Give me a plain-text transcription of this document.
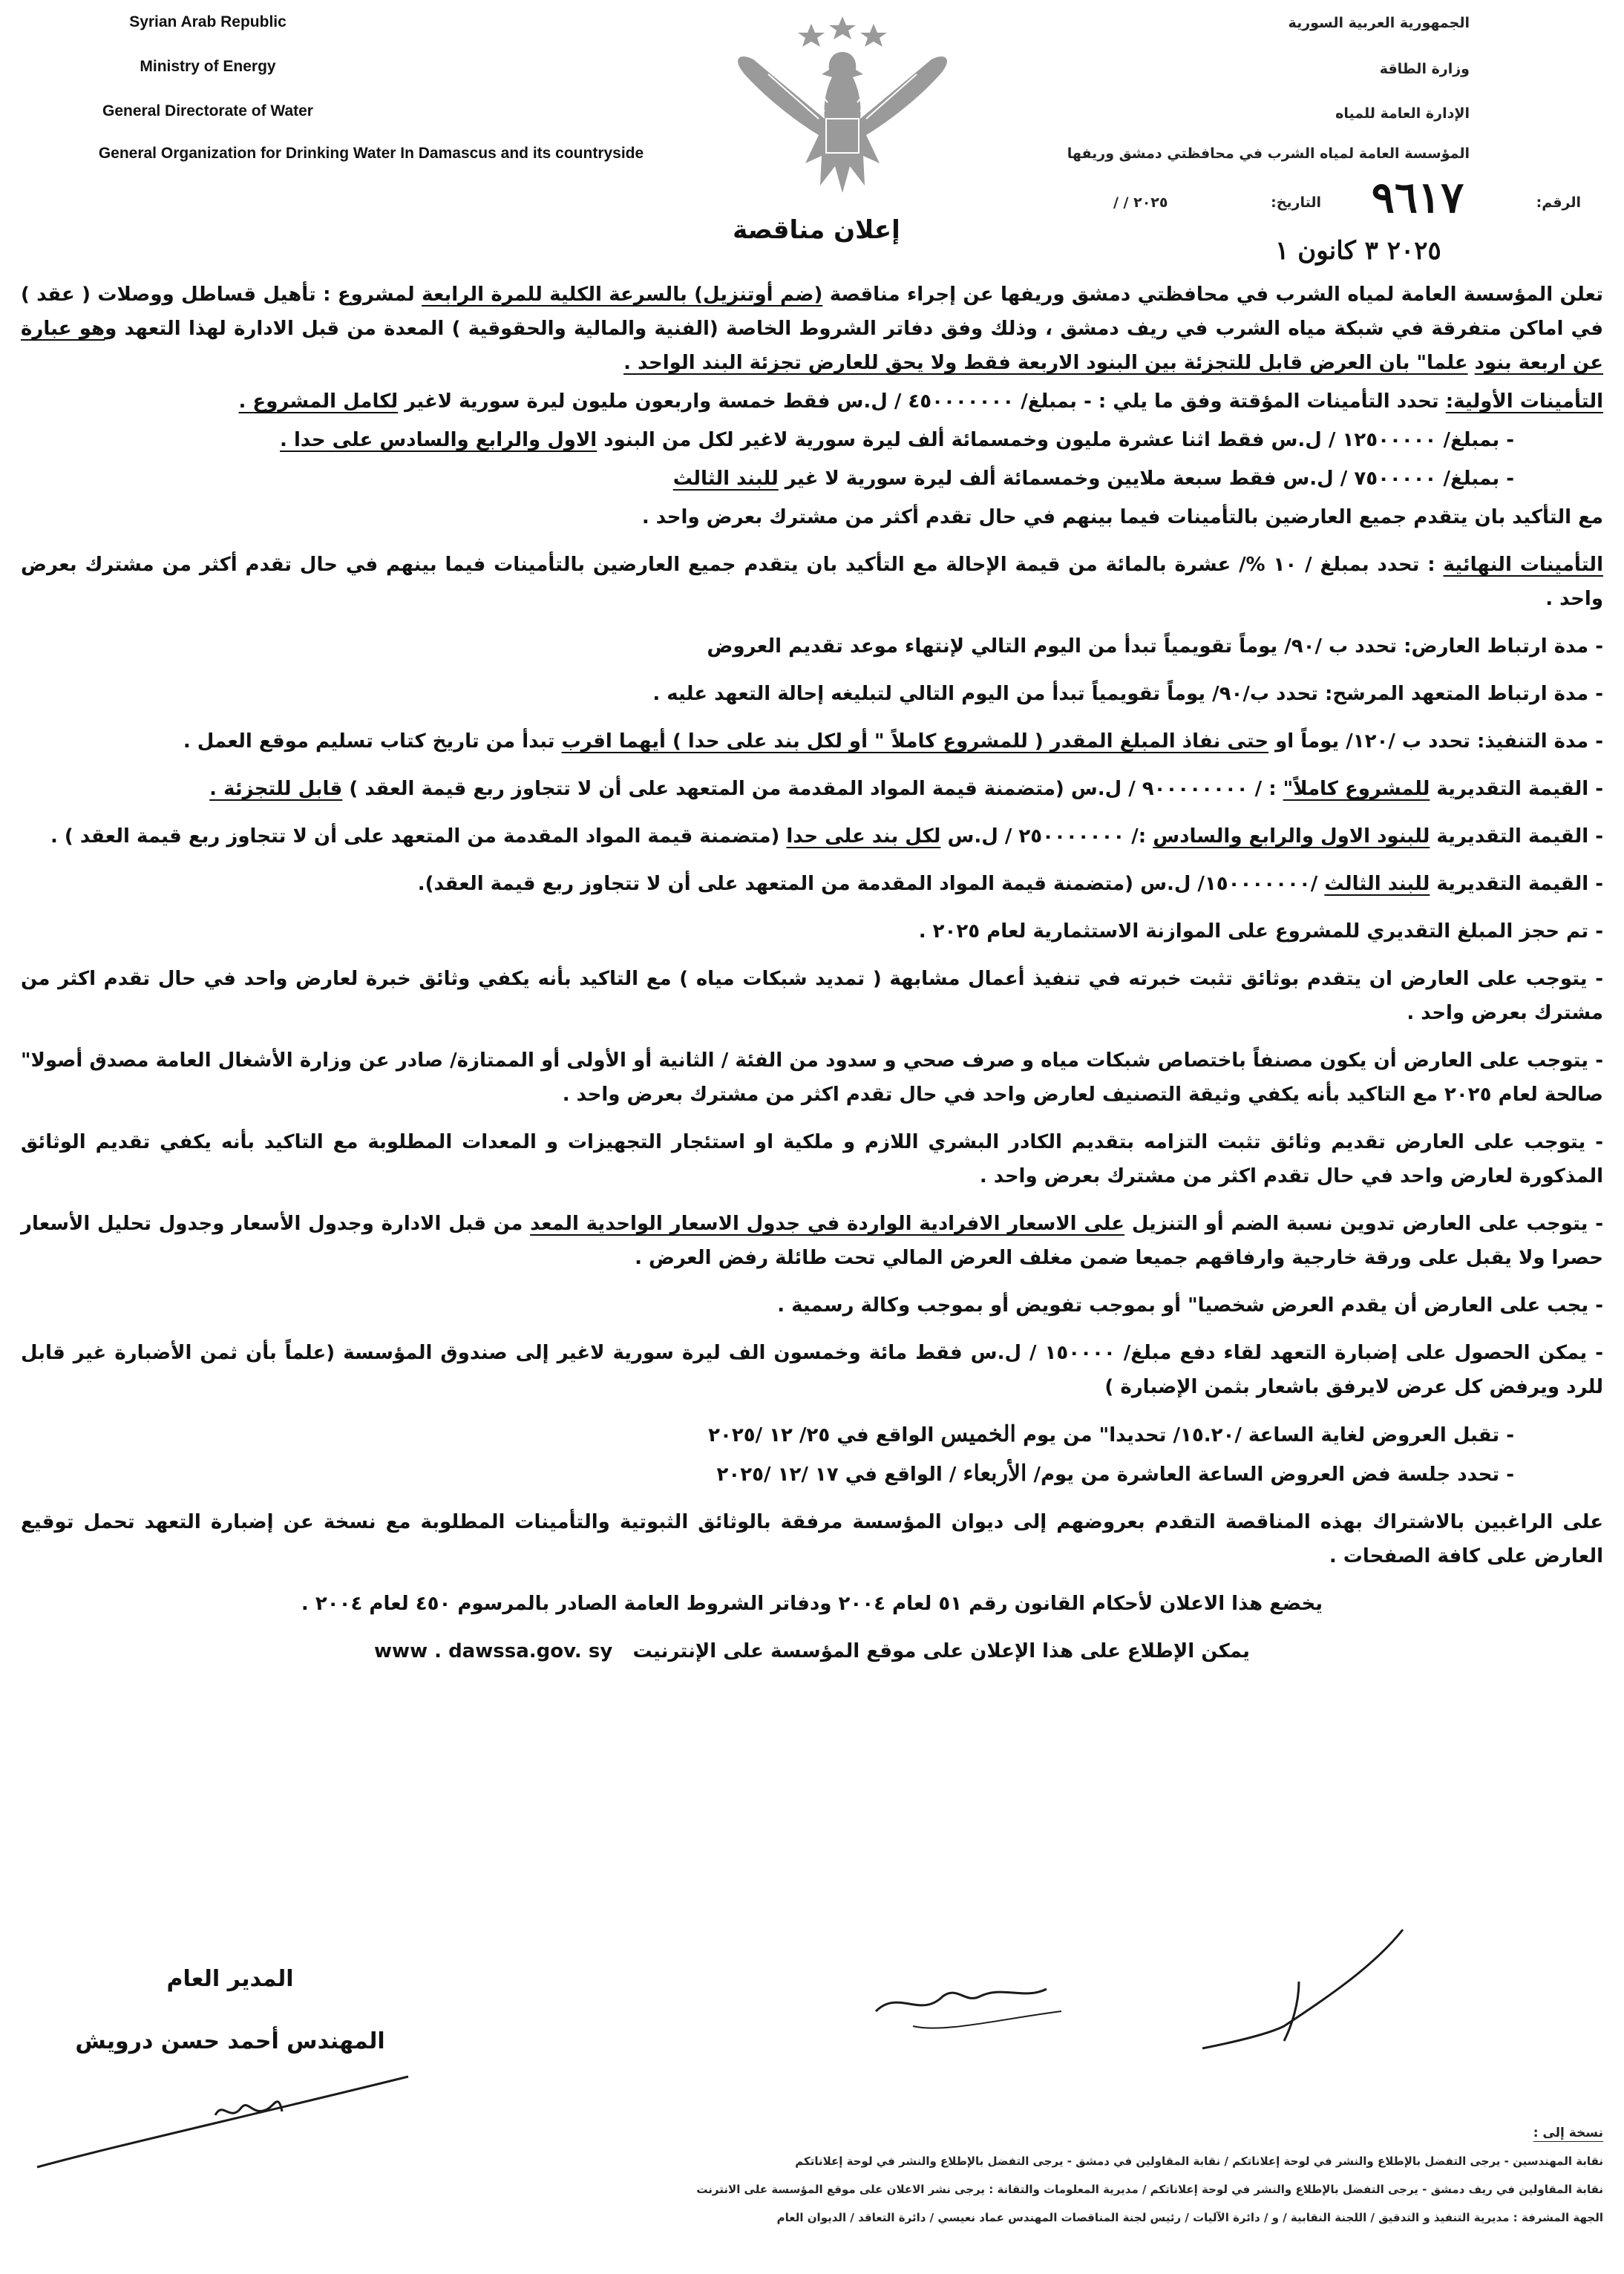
Syrian Arab Republic
Ministry of Energy
General Directorate of Water
General Organization for Drinking Water In Damascus and its countryside
الجمهورية العربية السورية
وزارة الطاقة
الإدارة العامة للمياه
المؤسسة العامة لمياه الشرب في محافظتي دمشق وريفها
الرقم:
٩٦١٧
التاريخ:
/ / ٢٠٢٥
٢٠٢٥ ٣ كانون ١
إعلان مناقصة

تعلن المؤسسة العامة لمياه الشرب في محافظتي دمشق وريفها عن إجراء مناقصة (ضم أوتنزيل) بالسرعة الكلية للمرة الرابعة لمشروع : تأهيل قساطل ووصلات ( عقد ) في اماكن متفرقة في شبكة مياه الشرب في ريف دمشق ، وذلك وفق دفاتر الشروط الخاصة (الفنية والمالية والحقوقية ) المعدة من قبل الادارة لهذا التعهد وهو عبارة عن اربعة بنود علما" بان العرض قابل للتجزئة بين البنود الاربعة فقط ولا يحق للعارض تجزئة البند الواحد .

التأمينات الأولية: تحدد التأمينات المؤقتة وفق ما يلي : - بمبلغ/ ٤٥٠٠٠٠٠٠٠ / ل.س فقط خمسة واربعون مليون ليرة سورية لاغير لكامل المشروع .

- بمبلغ/ ١٢٥٠٠٠٠٠ / ل.س فقط اثنا عشرة مليون وخمسمائة ألف ليرة سورية لاغير لكل من البنود الاول والرابع والسادس على حدا .

- بمبلغ/ ٧٥٠٠٠٠٠ / ل.س فقط سبعة ملايين وخمسمائة ألف ليرة سورية لا غير للبند الثالث

مع التأكيد بان يتقدم جميع العارضين بالتأمينات فيما بينهم في حال تقدم أكثر من مشترك بعرض واحد .

التأمينات النهائية : تحدد بمبلغ / ١٠ %/ عشرة بالمائة من قيمة الإحالة مع التأكيد بان يتقدم جميع العارضين بالتأمينات فيما بينهم في حال تقدم أكثر من مشترك بعرض واحد .

- مدة ارتباط العارض: تحدد ب /٩٠/ يوماً تقويمياً تبدأ من اليوم التالي لإنتهاء موعد تقديم العروض

- مدة ارتباط المتعهد المرشح: تحدد ب/٩٠/ يوماً تقويمياً تبدأ من اليوم التالي لتبليغه إحالة التعهد عليه .

- مدة التنفيذ: تحدد ب /١٢٠/ يوماً او حتى نفاذ المبلغ المقدر ( للمشروع كاملاً " أو لكل بند على حدا ) أيهما اقرب تبدأ من تاريخ كتاب تسليم موقع العمل .

- القيمة التقديرية للمشروع كاملاً" : / ٩٠٠٠٠٠٠٠٠ / ل.س (متضمنة قيمة المواد المقدمة من المتعهد على أن لا تتجاوز ربع قيمة العقد ) قابل للتجزئة .

- القيمة التقديرية للبنود الاول والرابع والسادس :/ ٢٥٠٠٠٠٠٠٠ / ل.س لكل بند على حدا (متضمنة قيمة المواد المقدمة من المتعهد على أن لا تتجاوز ربع قيمة العقد ) .

- القيمة التقديرية للبند الثالث /١٥٠٠٠٠٠٠٠/ ل.س (متضمنة قيمة المواد المقدمة من المتعهد على أن لا تتجاوز ربع قيمة العقد).

- تم حجز المبلغ التقديري للمشروع على الموازنة الاستثمارية لعام ٢٠٢٥ .

- يتوجب على العارض ان يتقدم بوثائق تثبت خبرته في تنفيذ أعمال مشابهة ( تمديد شبكات مياه ) مع التاكيد بأنه يكفي وثائق خبرة لعارض واحد في حال تقدم اكثر من مشترك بعرض واحد .

- يتوجب على العارض أن يكون مصنفاً باختصاص شبكات مياه و صرف صحي و سدود من الفئة / الثانية أو الأولى أو الممتازة/ صادر عن وزارة الأشغال العامة مصدق أصولا" صالحة لعام ٢٠٢٥ مع التاكيد بأنه يكفي وثيقة التصنيف لعارض واحد في حال تقدم اكثر من مشترك بعرض واحد .

- يتوجب على العارض تقديم وثائق تثبت التزامه بتقديم الكادر البشري اللازم و ملكية او استئجار التجهيزات و المعدات المطلوبة مع التاكيد بأنه يكفي تقديم الوثائق المذكورة لعارض واحد في حال تقدم اكثر من مشترك بعرض واحد .

- يتوجب على العارض تدوين نسبة الضم أو التنزيل على الاسعار الافرادية الواردة في جدول الاسعار الواحدية المعد من قبل الادارة وجدول الأسعار وجدول تحليل الأسعار حصرا ولا يقبل على ورقة خارجية وارفاقهم جميعا ضمن مغلف العرض المالي تحت طائلة رفض العرض .

- يجب على العارض أن يقدم العرض شخصيا" أو بموجب تفويض أو بموجب وكالة رسمية .

- يمكن الحصول على إضبارة التعهد لقاء دفع مبلغ/ ١٥٠٠٠٠ / ل.س فقط مائة وخمسون الف ليرة سورية لاغير إلى صندوق المؤسسة (علماً بأن ثمن الأضبارة غير قابل للرد ويرفض كل عرض لايرفق باشعار بثمن الإضبارة )

- تقبل العروض لغاية الساعة /١٥.٢٠/ تحديدا" من يوم الخميس الواقع في ٢٥/ ١٢ /٢٠٢٥

- تحدد جلسة فض العروض الساعة العاشرة من يوم/ الأربعاء / الواقع في ١٧ /١٢ /٢٠٢٥

على الراغبين بالاشتراك بهذه المناقصة التقدم بعروضهم إلى ديوان المؤسسة مرفقة بالوثائق الثبوتية والتأمينات المطلوبة مع نسخة عن إضبارة التعهد تحمل توقيع العارض على كافة الصفحات .

يخضع هذا الاعلان لأحكام القانون رقم ٥١ لعام ٢٠٠٤ ودفاتر الشروط العامة الصادر بالمرسوم ٤٥٠ لعام ٢٠٠٤ .

يمكن الإطلاع على هذا الإعلان على موقع المؤسسة على الإنترنيت   www . dawssa.gov. sy

المدير العام
المهندس أحمد حسن درويش
نسخة إلى :
نقابة المهندسين - يرجى التفضل بالإطلاع والنشر في لوحة إعلاناتكم / نقابة المقاولين في دمشق - يرجى التفضل بالإطلاع والنشر في لوحة إعلاناتكم
نقابة المقاولين في ريف دمشق - يرجى التفضل بالإطلاع والنشر في لوحة إعلاناتكم / مديرية المعلومات والتقانة : يرجى نشر الاعلان على موقع المؤسسة على الانترنت
الجهة المشرفة : مديرية التنفيذ و التدقيق / اللجنة النقابية / و / دائرة الآليات / رئيس لجنة المناقصات المهندس عماد نعيسي / دائرة التعاقد / الديوان العام
